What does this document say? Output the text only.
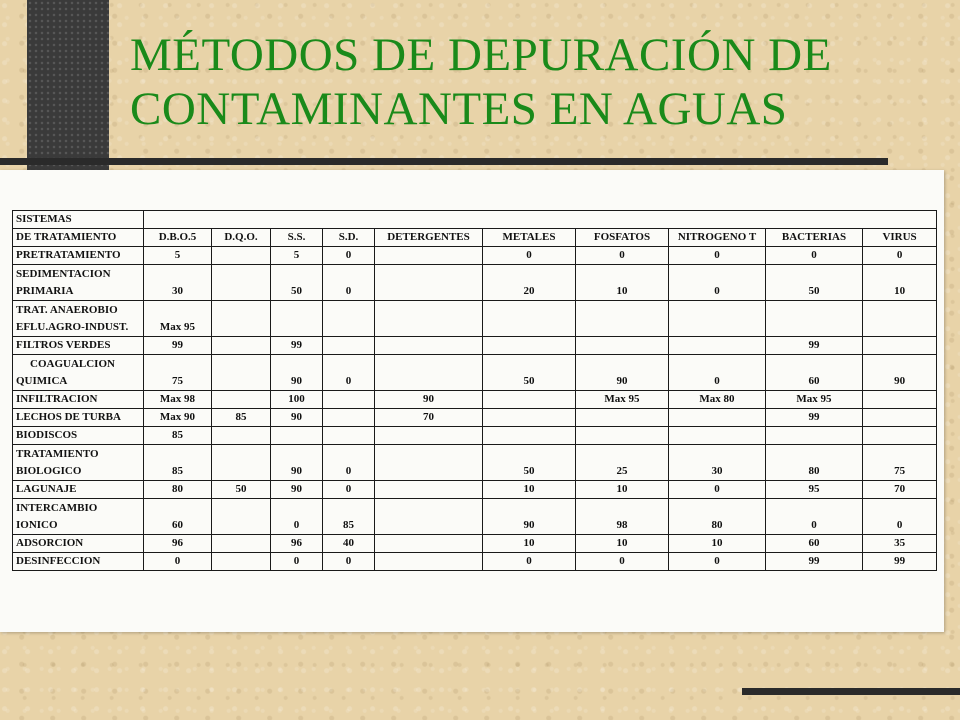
MÉTODOS DE DEPURACIÓN DE CONTAMINANTES EN AGUAS
SISTEMAS										
DE TRATAMIENTO	D.B.O.5	D.Q.O.	S.S.	S.D.	DETERGENTES	METALES	FOSFATOS	NITROGENO T	BACTERIAS	VIRUS

PRETRATAMIENTO	5		5	0		0	0	0	0	0

SEDIMENTACION
PRIMARIA	30		50	0		20	10	0	50	10

TRAT. ANAEROBIO
EFLU.AGRO-INDUST.	Max 95									

FILTROS VERDES	99		99						99	

COAGUALCION
QUIMICA	75		90	0		50	90	0	60	90

INFILTRACION	Max 98		100		90		Max 95	Max 80	Max 95	

LECHOS DE TURBA	Max 90	85	90		70				99	

BIODISCOS	85									

TRATAMIENTO
BIOLOGICO	85		90	0		50	25	30	80	75

LAGUNAJE	80	50	90	0		10	10	0	95	70

INTERCAMBIO
IONICO	60		0	85		90	98	80	0	0

ADSORCION	96		96	40		10	10	10	60	35

DESINFECCION	0		0	0		0	0	0	99	99
